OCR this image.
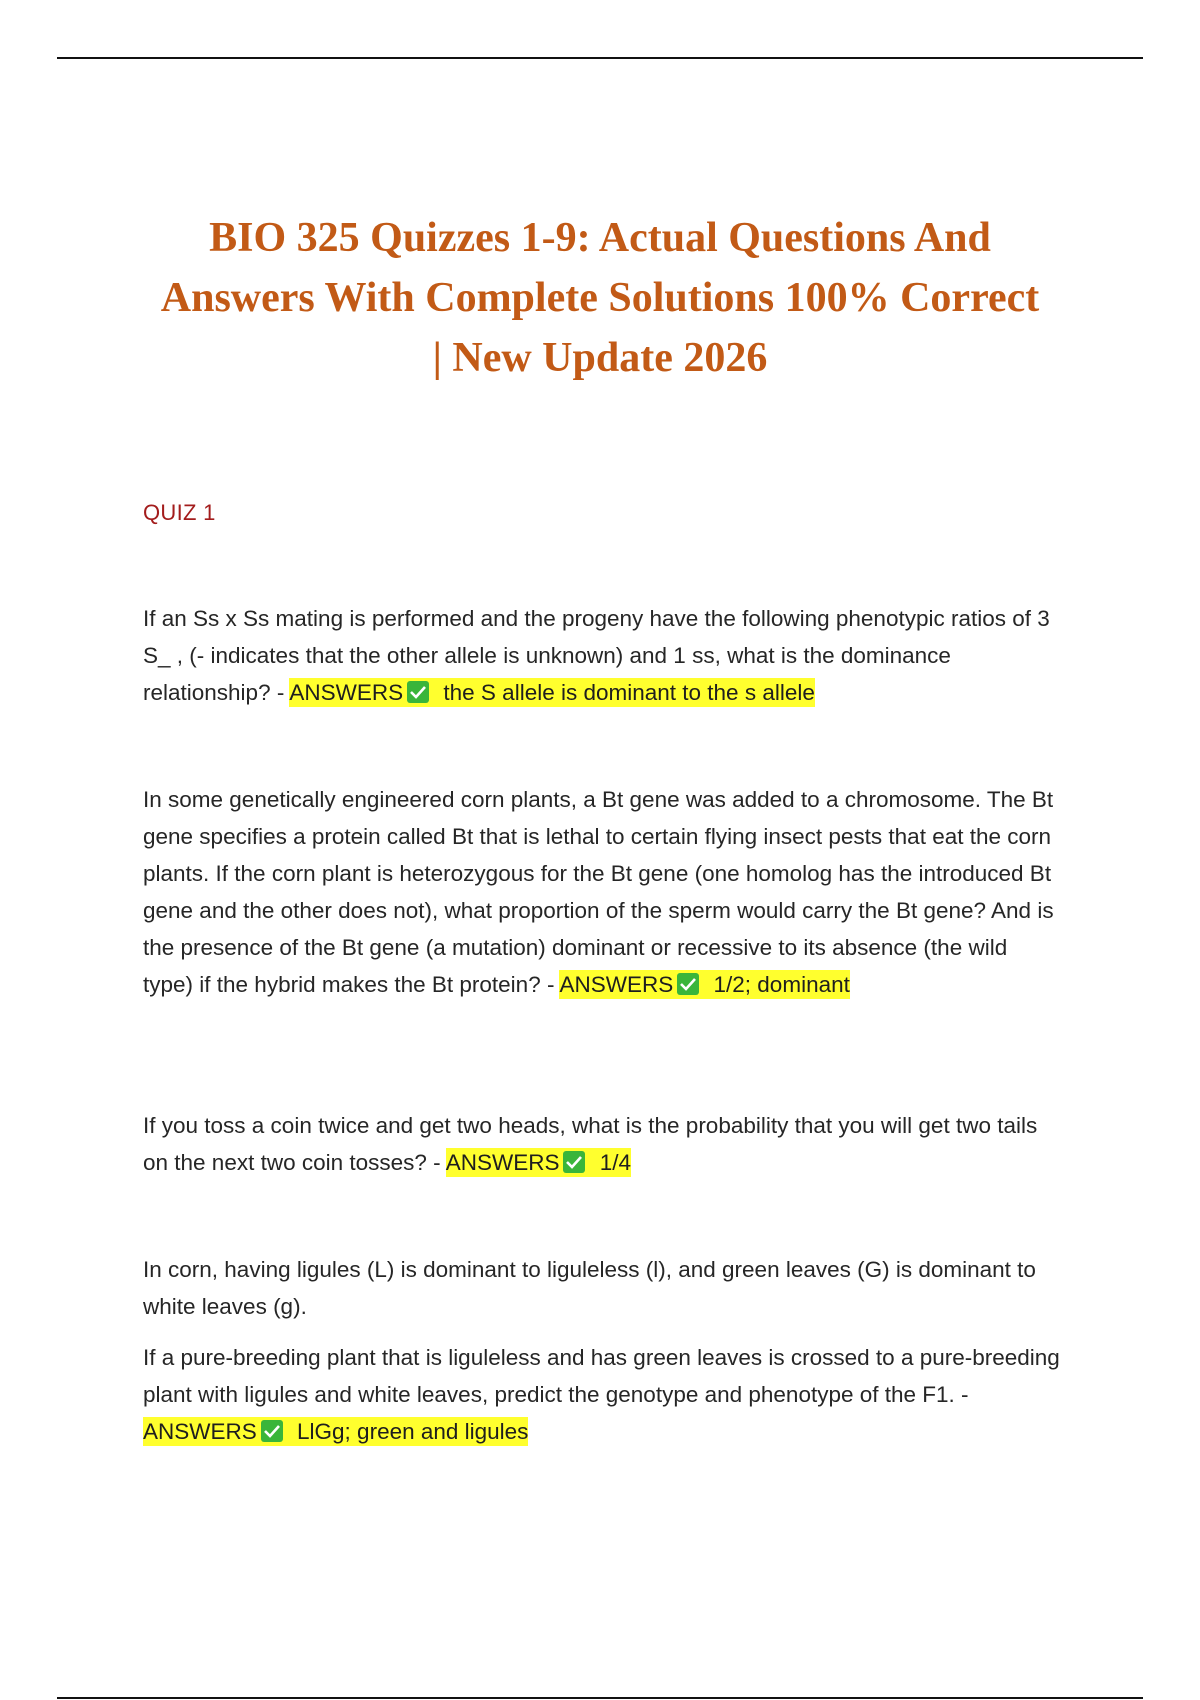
BIO 325 Quizzes 1-9: Actual Questions And
Answers With Complete Solutions 100% Correct
| New Update 2026
QUIZ 1

If an Ss x Ss mating is performed and the progeny have the following phenotypic ratios of 3 S_ , (- indicates that the other allele is unknown) and 1 ss, what is the dominance relationship? - ANSWERS the S allele is dominant to the s allele

In some genetically engineered corn plants, a Bt gene was added to a chromosome. The Bt gene specifies a protein called Bt that is lethal to certain flying insect pests that eat the corn plants. If the corn plant is heterozygous for the Bt gene (one homolog has the introduced Bt gene and the other does not), what proportion of the sperm would carry the Bt gene? And is the presence of the Bt gene (a mutation) dominant or recessive to its absence (the wild type) if the hybrid makes the Bt protein? - ANSWERS 1/2; dominant

If you toss a coin twice and get two heads, what is the probability that you will get two tails on the next two coin tosses? - ANSWERS 1/4

In corn, having ligules (L) is dominant to liguleless (l), and green leaves (G) is dominant to white leaves (g).

If a pure-breeding plant that is liguleless and has green leaves is crossed to a pure-breeding plant with ligules and white leaves, predict the genotype and phenotype of the F1. - ANSWERS LlGg; green and ligules
